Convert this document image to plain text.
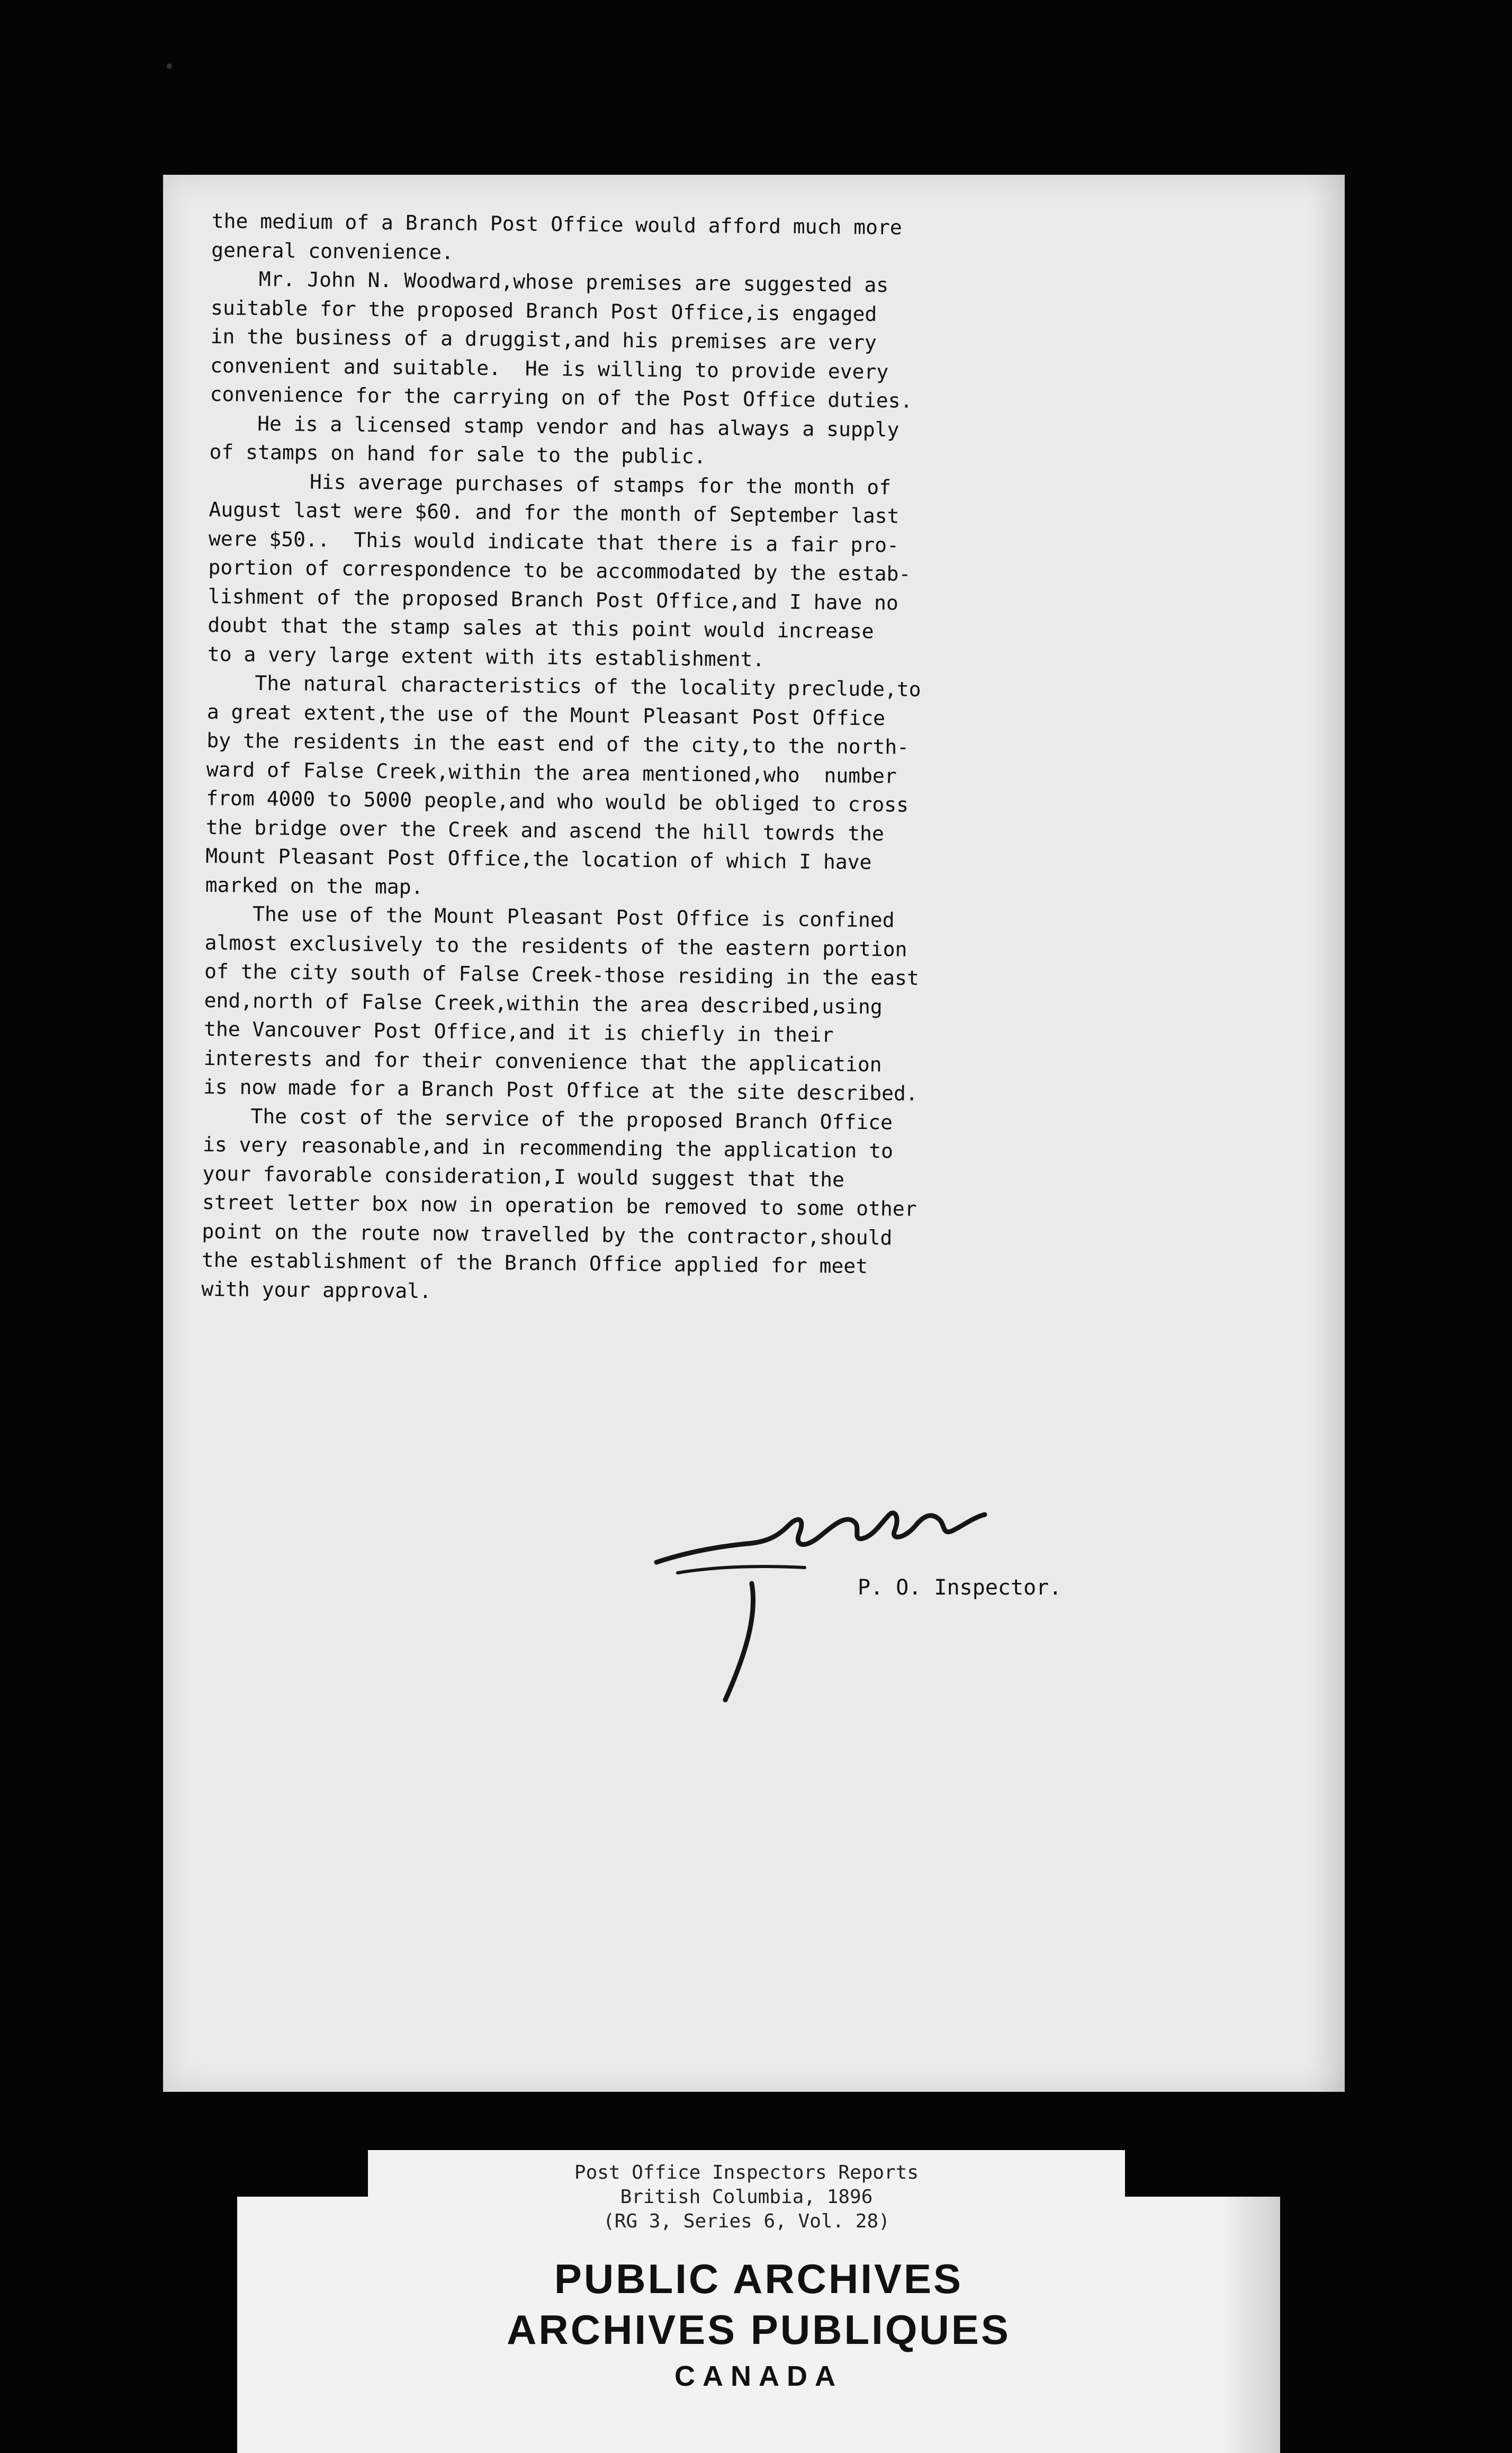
the medium of a Branch Post Office would afford much more
general convenience.
Mr. John N. Woodward,whose premises are suggested as
suitable for the proposed Branch Post Office,is engaged
in the business of a druggist,and his premises are very
convenient and suitable.  He is willing to provide every
convenience for the carrying on of the Post Office duties.
He is a licensed stamp vendor and has always a supply
of stamps on hand for sale to the public.
His average purchases of stamps for the month of
August last were $60. and for the month of September last
were $50..  This would indicate that there is a fair pro-
portion of correspondence to be accommodated by the estab-
lishment of the proposed Branch Post Office,and I have no
doubt that the stamp sales at this point would increase
to a very large extent with its establishment.
The natural characteristics of the locality preclude,to
a great extent,the use of the Mount Pleasant Post Office
by the residents in the east end of the city,to the north-
ward of False Creek,within the area mentioned,who  number
from 4000 to 5000 people,and who would be obliged to cross
the bridge over the Creek and ascend the hill towrds the
Mount Pleasant Post Office,the location of which I have
marked on the map.
The use of the Mount Pleasant Post Office is confined
almost exclusively to the residents of the eastern portion
of the city south of False Creek-those residing in the east
end,north of False Creek,within the area described,using
the Vancouver Post Office,and it is chiefly in their
interests and for their convenience that the application
is now made for a Branch Post Office at the site described.
The cost of the service of the proposed Branch Office
is very reasonable,and in recommending the application to
your favorable consideration,I would suggest that the
street letter box now in operation be removed to some other
point on the route now travelled by the contractor,should
the establishment of the Branch Office applied for meet
with your approval.
P. O. Inspector.
Post Office Inspectors Reports
British Columbia, 1896
(RG 3, Series 6, Vol. 28)
PUBLIC ARCHIVES
ARCHIVES PUBLIQUES
CANADA
